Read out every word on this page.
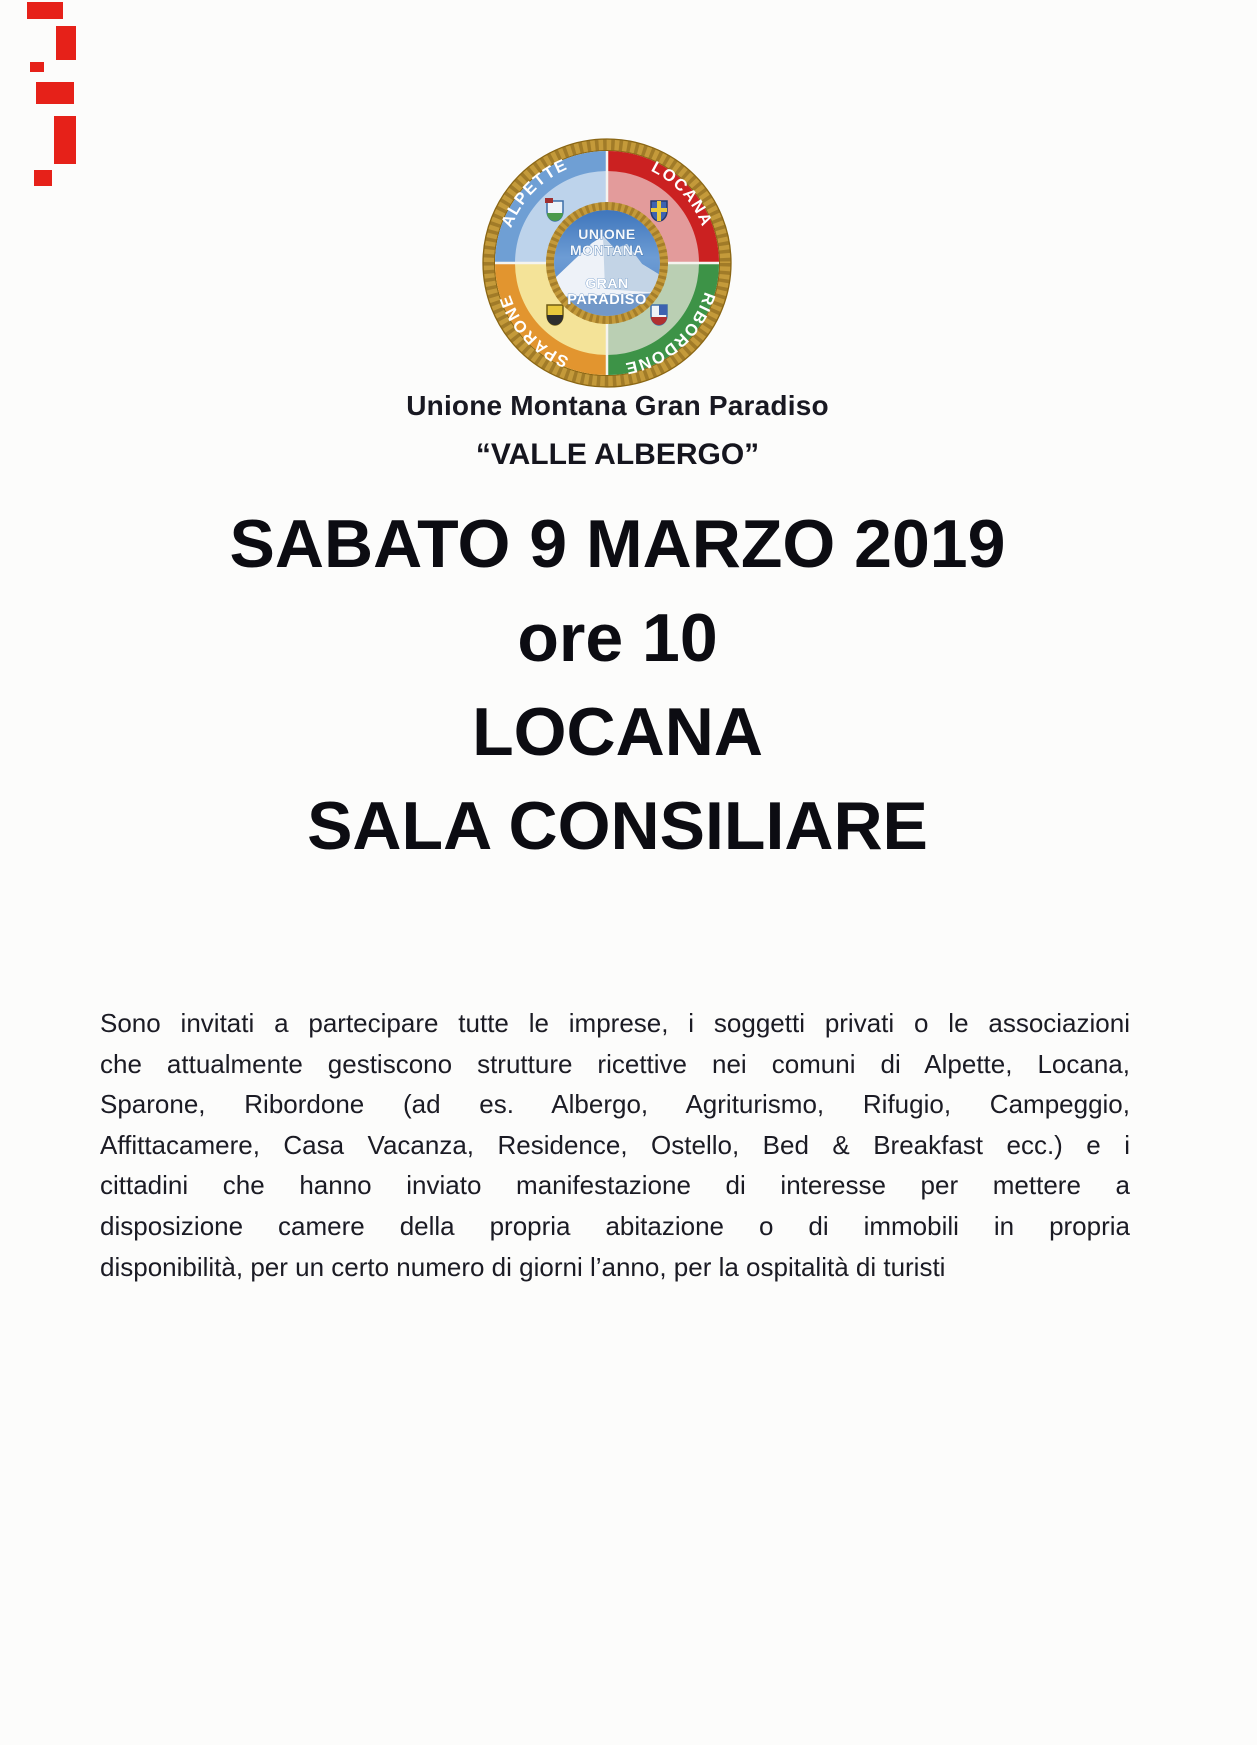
ALPETTE	LOCANA
RIBORDONE SPARONE
UNIONE
MONTANA
GRAN
PARADISO
Unione Montana Gran Paradiso
“VALLE ALBERGO”
SABATO 9 MARZO 2019
ore 10
LOCANA
SALA CONSILIARE
Sono invitati a partecipare tutte le imprese, i soggetti privati o le associazioni
che attualmente gestiscono strutture ricettive nei comuni di Alpette, Locana,
Sparone, Ribordone (ad es. Albergo, Agriturismo, Rifugio, Campeggio,
Affittacamere, Casa Vacanza, Residence, Ostello, Bed & Breakfast ecc.) e i
cittadini che hanno inviato manifestazione di interesse per mettere a
disposizione camere della propria abitazione o di immobili in propria
disponibilità, per un certo numero di giorni l’anno, per la ospitalità di turisti
